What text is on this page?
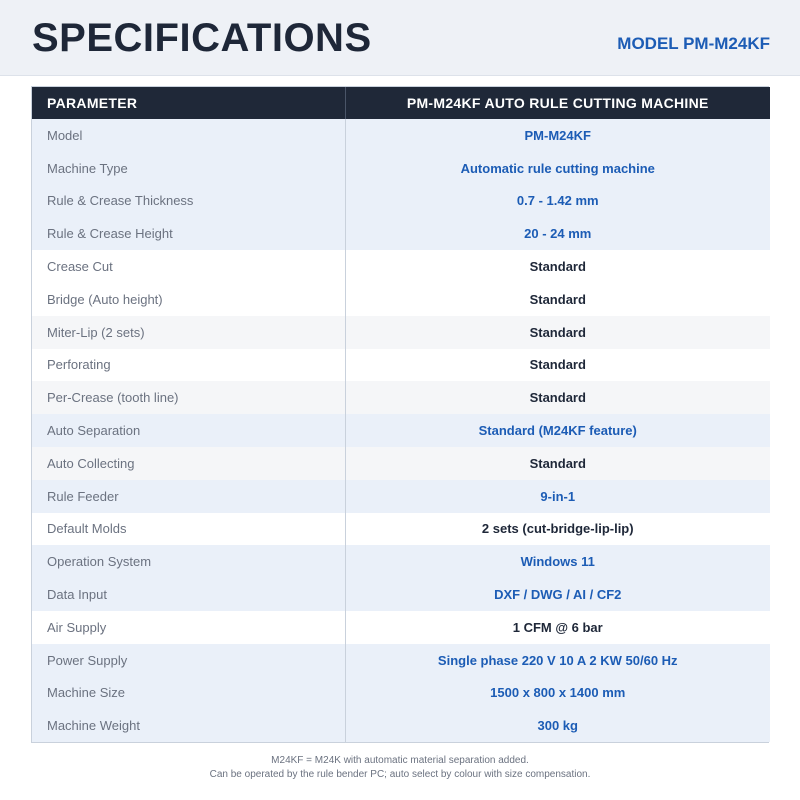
SPECIFICATIONS	MODEL PM-M24KF
PARAMETER	PM-M24KF AUTO RULE CUTTING MACHINE
Model	PM-M24KF
Machine Type	Automatic rule cutting machine
Rule & Crease Thickness	0.7 - 1.42 mm
Rule & Crease Height	20 - 24 mm
Crease Cut	Standard
Bridge (Auto height)	Standard
Miter-Lip (2 sets)	Standard
Perforating	Standard
Per-Crease (tooth line)	Standard
Auto Separation	Standard (M24KF feature)
Auto Collecting	Standard
Rule Feeder	9-in-1
Default Molds	2 sets (cut-bridge-lip-lip)
Operation System	Windows 11
Data Input	DXF / DWG / AI / CF2
Air Supply	1 CFM @ 6 bar
Power Supply	Single phase 220 V 10 A 2 KW 50/60 Hz
Machine Size	1500 x 800 x 1400 mm
Machine Weight	300 kg
M24KF = M24K with automatic material separation added.
Can be operated by the rule bender PC; auto select by colour with size compensation.
